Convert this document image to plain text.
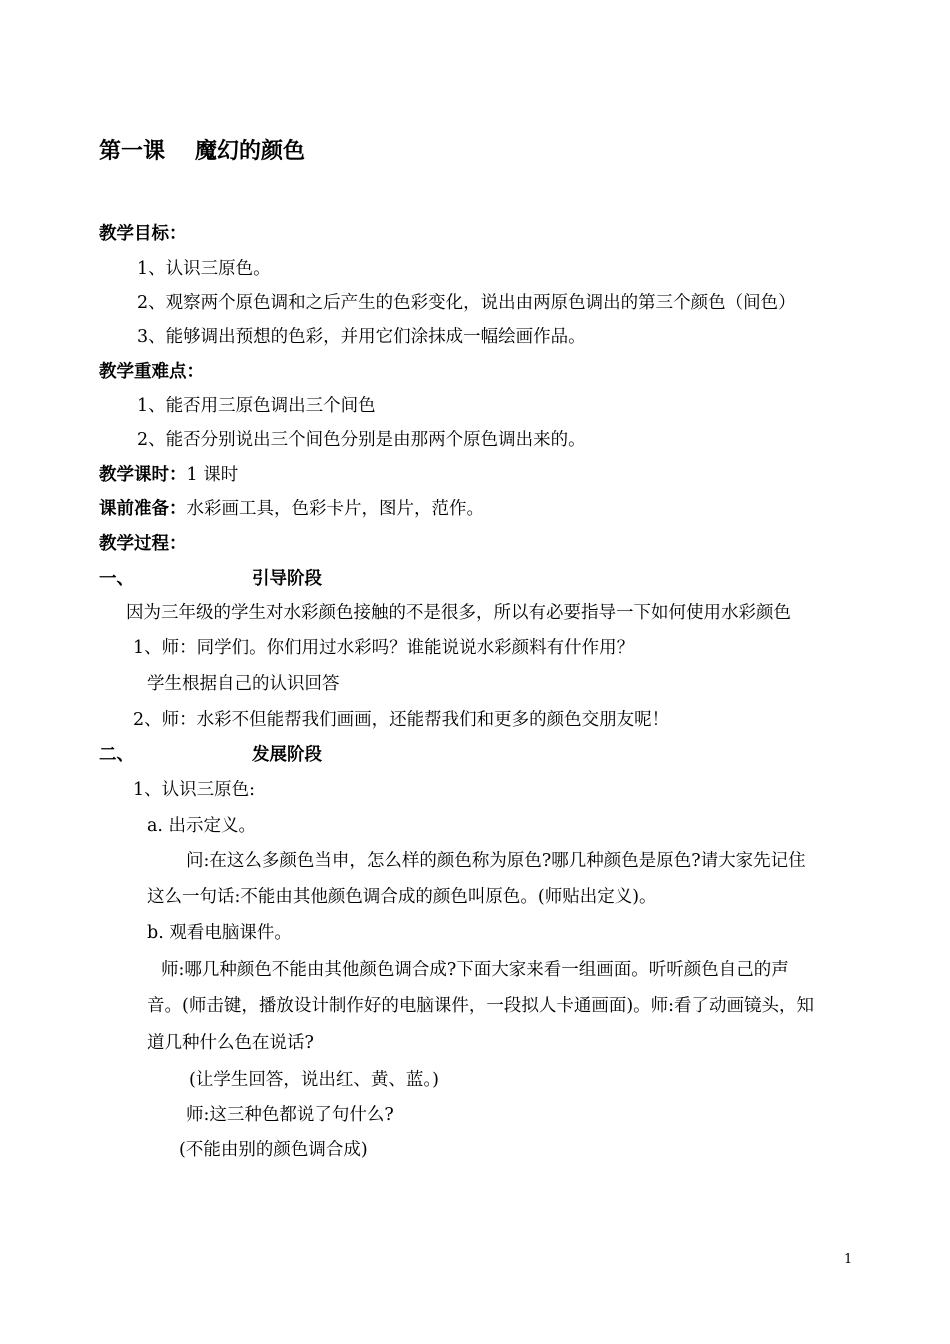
第一课 魔幻的颜色
教学目标：
1、认识三原色。
2、观察两个原色调和之后产生的色彩变化，说出由两原色调出的第三个颜色（间色）
3、能够调出预想的色彩，并用它们涂抹成一幅绘画作品。
教学重难点：
1、能否用三原色调出三个间色
2、能否分别说出三个间色分别是由那两个原色调出来的。
教学课时：1 课时
课前准备：水彩画工具，色彩卡片，图片，范作。
教学过程：
一、	引导阶段
因为三年级的学生对水彩颜色接触的不是很多，所以有必要指导一下如何使用水彩颜色
1、师：同学们。你们用过水彩吗？谁能说说水彩颜料有什作用？
学生根据自己的认识回答
2、师：水彩不但能帮我们画画，还能帮我们和更多的颜色交朋友呢！
二、	发展阶段
1、认识三原色:
a. 出示定义。
问:在这么多颜色当申，怎么样的颜色称为原色?哪几种颜色是原色?请大家先记住
这么一句话:不能由其他颜色调合成的颜色叫原色。(师贴出定义)。
b. 观看电脑课件。
师:哪几种颜色不能由其他颜色调合成?下面大家来看一组画面。听听颜色自己的声
音。(师击键，播放设计制作好的电脑课件，一段拟人卡通画面)。师:看了动画镜头，知
道几种什么色在说话?
(让学生回答，说出红、黄、蓝。)
师:这三种色都说了句什么?
(不能由别的颜色调合成)
1
